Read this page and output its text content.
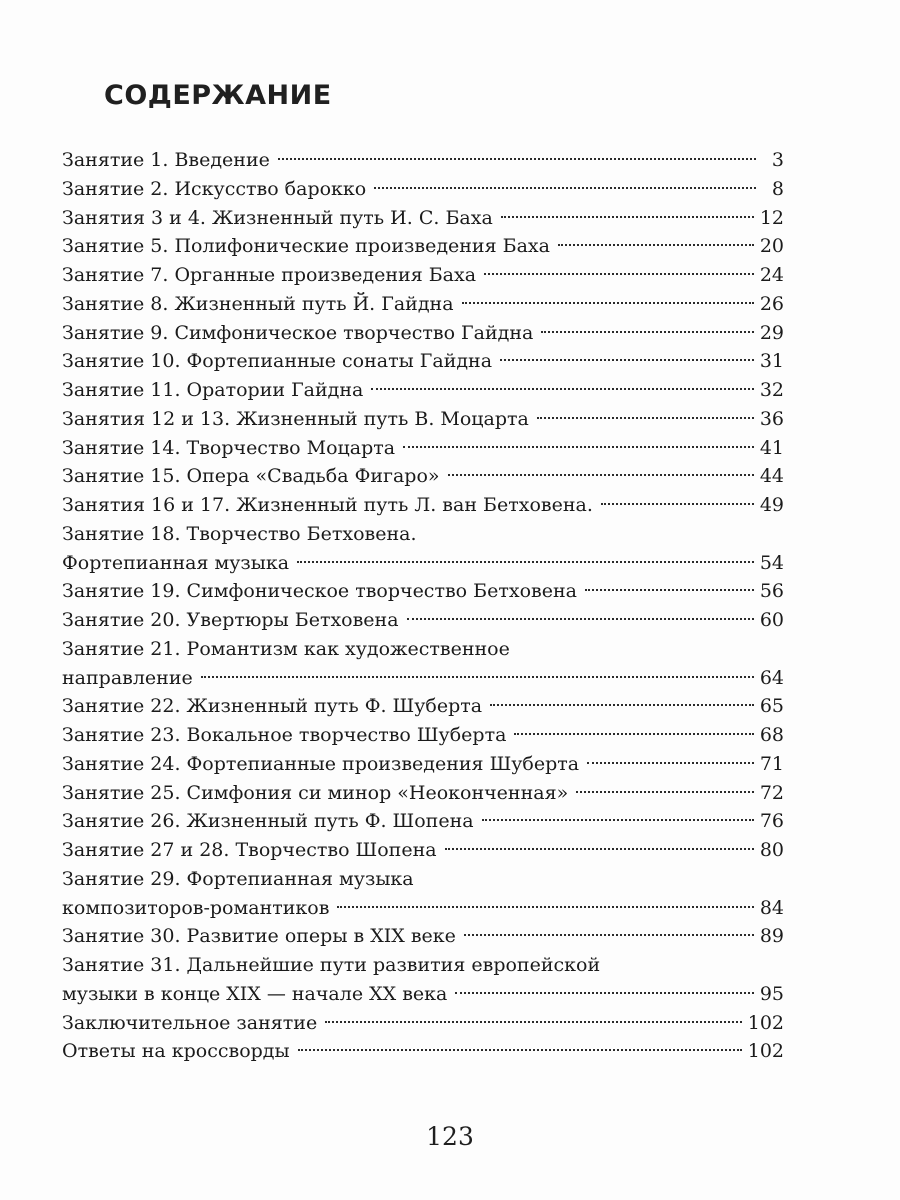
СОДЕРЖАНИЕ
Занятие 1. Введение	3
Занятие 2. Искусство барокко	8
Занятия 3 и 4. Жизненный путь И. С. Баха	12
Занятие 5. Полифонические произведения Баха	20
Занятие 7. Органные произведения Баха	24
Занятие 8. Жизненный путь Й. Гайдна	26
Занятие 9. Симфоническое творчество Гайдна	29
Занятие 10. Фортепианные сонаты Гайдна	31
Занятие 11. Оратории Гайдна	32
Занятия 12 и 13. Жизненный путь В. Моцарта	36
Занятие 14. Творчество Моцарта	41
Занятие 15. Опера «Свадьба Фигаро»	44
Занятия 16 и 17. Жизненный путь Л. ван Бетховена.	49
Занятие 18. Творчество Бетховена.
Фортепианная музыка	54
Занятие 19. Симфоническое творчество Бетховена	56
Занятие 20. Увертюры Бетховена	60
Занятие 21. Романтизм как художественное
направление	64
Занятие 22. Жизненный путь Ф. Шуберта	65
Занятие 23. Вокальное творчество Шуберта	68
Занятие 24. Фортепианные произведения Шуберта	71
Занятие 25. Симфония си минор «Неоконченная»	72
Занятие 26. Жизненный путь Ф. Шопена	76
Занятие 27 и 28. Творчество Шопена	80
Занятие 29. Фортепианная музыка
композиторов-романтиков	84
Занятие 30. Развитие оперы в XIX веке	89
Занятие 31. Дальнейшие пути развития европейской
музыки в конце XIX — начале XX века	95
Заключительное занятие	102
Ответы на кроссворды	102
123
